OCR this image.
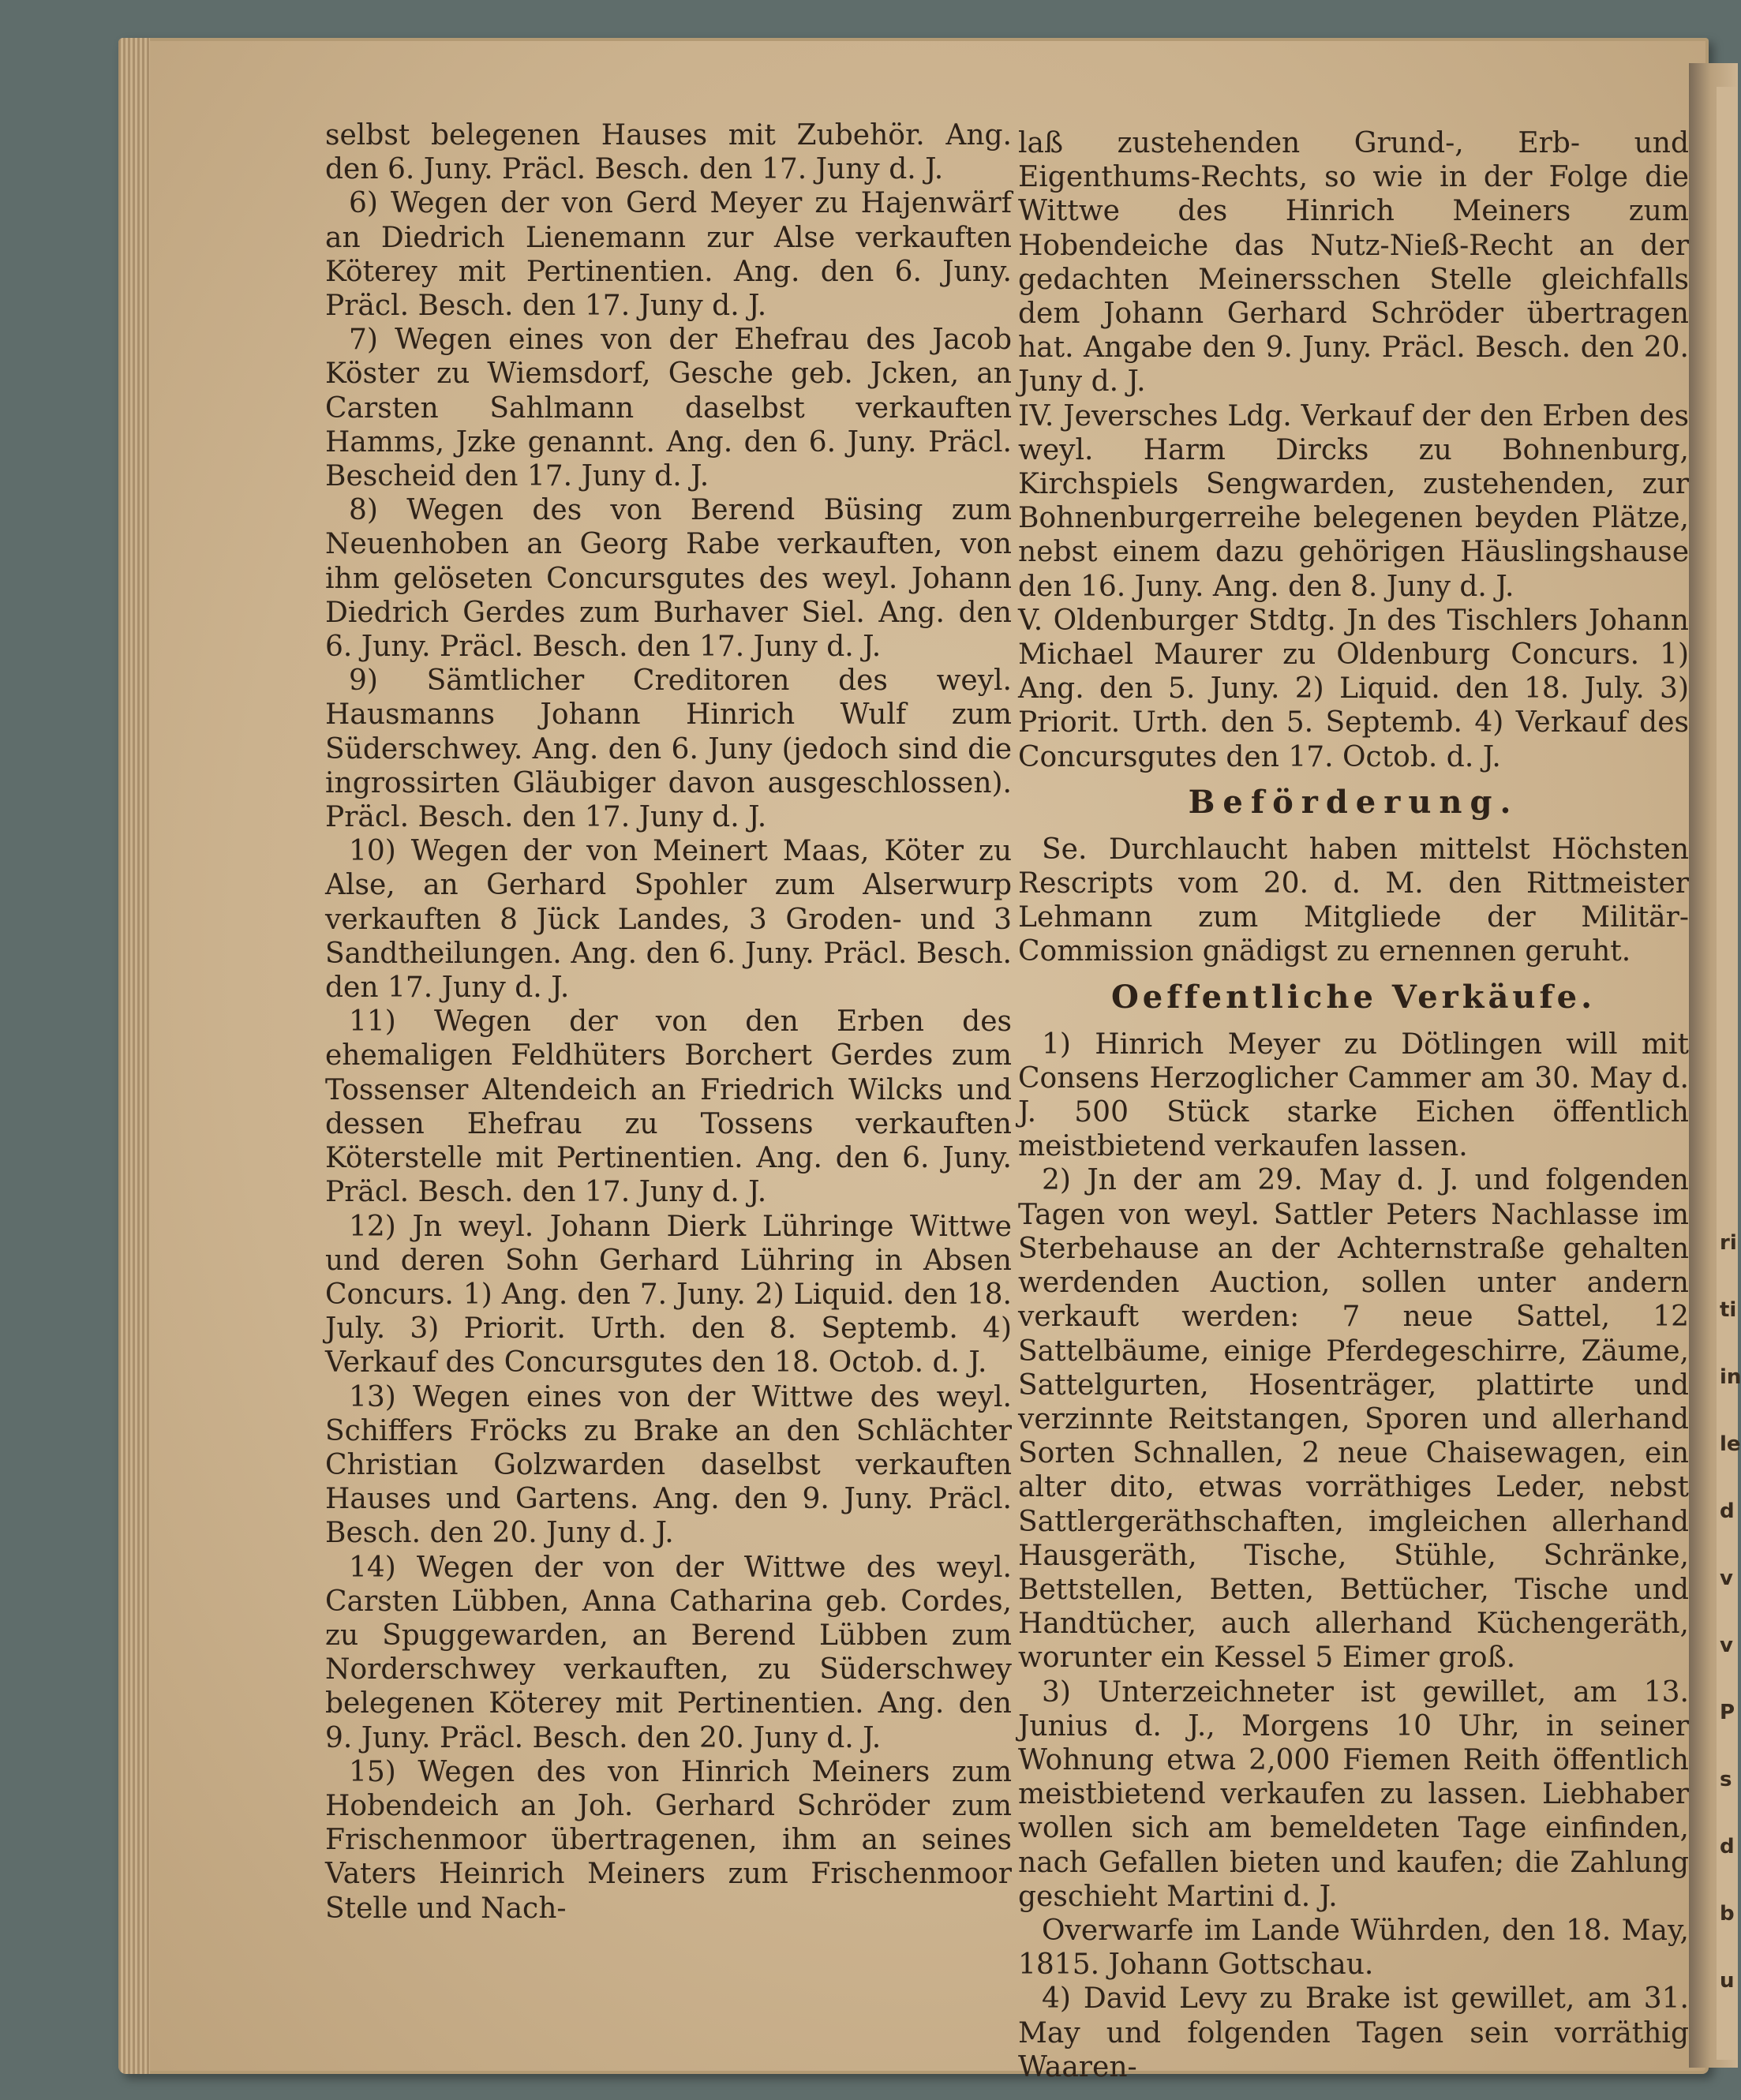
ri
ti
in
le
d
v
v
P
s
d
b
u

selbst belegenen Hauses mit Zubehör. Ang. den 6. Juny. Präcl. Besch. den 17. Juny d. J.

6) Wegen der von Gerd Meyer zu Hajenwärf an Diedrich Lienemann zur Alse verkauften Köterey mit Pertinentien. Ang. den 6. Juny. Präcl. Besch. den 17. Juny d. J.

7) Wegen eines von der Ehefrau des Jacob Köster zu Wiemsdorf, Gesche geb. Jcken, an Carsten Sahlmann daselbst verkauften Hamms, Jzke genannt. Ang. den 6. Juny. Präcl. Bescheid den 17. Juny d. J.

8) Wegen des von Berend Büsing zum Neuenhoben an Georg Rabe verkauften, von ihm gelöseten Concursgutes des weyl. Johann Diedrich Gerdes zum Burhaver Siel. Ang. den 6. Juny. Präcl. Besch. den 17. Juny d. J.

9) Sämtlicher Creditoren des weyl. Hausmanns Johann Hinrich Wulf zum Süderschwey. Ang. den 6. Juny (jedoch sind die ingrossirten Gläubiger davon ausgeschlossen). Präcl. Besch. den 17. Juny d. J.

10) Wegen der von Meinert Maas, Köter zu Alse, an Gerhard Spohler zum Alserwurp verkauften 8 Jück Landes, 3 Groden- und 3 Sandtheilungen. Ang. den 6. Juny. Präcl. Besch. den 17. Juny d. J.

11) Wegen der von den Erben des ehemaligen Feldhüters Borchert Gerdes zum Tossenser Altendeich an Friedrich Wilcks und dessen Ehefrau zu Tossens verkauften Köterstelle mit Pertinentien. Ang. den 6. Juny. Präcl. Besch. den 17. Juny d. J.

12) Jn weyl. Johann Dierk Lühringe Wittwe und deren Sohn Gerhard Lühring in Absen Concurs. 1) Ang. den 7. Juny. 2) Liquid. den 18. July. 3) Priorit. Urth. den 8. Septemb. 4) Verkauf des Concursgutes den 18. Octob. d. J.

13) Wegen eines von der Wittwe des weyl. Schiffers Fröcks zu Brake an den Schlächter Christian Golzwarden daselbst verkauften Hauses und Gartens. Ang. den 9. Juny. Präcl. Besch. den 20. Juny d. J.

14) Wegen der von der Wittwe des weyl. Carsten Lübben, Anna Catharina geb. Cordes, zu Spuggewarden, an Berend Lübben zum Norderschwey verkauften, zu Süderschwey belegenen Köterey mit Pertinentien. Ang. den 9. Juny. Präcl. Besch. den 20. Juny d. J.

15) Wegen des von Hinrich Meiners zum Hobendeich an Joh. Gerhard Schröder zum Frischenmoor übertragenen, ihm an seines Vaters Heinrich Meiners zum Frischenmoor Stelle und Nach-

laß zustehenden Grund-, Erb- und Eigenthums-Rechts, so wie in der Folge die Wittwe des Hinrich Meiners zum Hobendeiche das Nutz-Nieß-Recht an der gedachten Meinersschen Stelle gleichfalls dem Johann Gerhard Schröder übertragen hat. Angabe den 9. Juny. Präcl. Besch. den 20. Juny d. J.

IV. Jeversches Ldg. Verkauf der den Erben des weyl. Harm Dircks zu Bohnenburg, Kirchspiels Sengwarden, zustehenden, zur Bohnenburgerreihe belegenen beyden Plätze, nebst einem dazu gehörigen Häuslingshause den 16. Juny. Ang. den 8. Juny d. J.

V. Oldenburger Stdtg. Jn des Tischlers Johann Michael Maurer zu Oldenburg Concurs. 1) Ang. den 5. Juny. 2) Liquid. den 18. July. 3) Priorit. Urth. den 5. Septemb. 4) Verkauf des Concursgutes den 17. Octob. d. J.

Beförderung.

Se. Durchlaucht haben mittelst Höchsten Rescripts vom 20. d. M. den Rittmeister Lehmann zum Mitgliede der Militär-Commission gnädigst zu ernennen geruht.

Oeffentliche Verkäufe.

1) Hinrich Meyer zu Dötlingen will mit Consens Herzoglicher Cammer am 30. May d. J. 500 Stück starke Eichen öffentlich meistbietend verkaufen lassen.

2) Jn der am 29. May d. J. und folgenden Tagen von weyl. Sattler Peters Nachlasse im Sterbehause an der Achternstraße gehalten werdenden Auction, sollen unter andern verkauft werden: 7 neue Sattel, 12 Sattelbäume, einige Pferdegeschirre, Zäume, Sattelgurten, Hosenträger, plattirte und verzinnte Reitstangen, Sporen und allerhand Sorten Schnallen, 2 neue Chaisewagen, ein alter dito, etwas vorräthiges Leder, nebst Sattlergeräthschaften, imgleichen allerhand Hausgeräth, Tische, Stühle, Schränke, Bettstellen, Betten, Bettücher, Tische und Handtücher, auch allerhand Küchengeräth, worunter ein Kessel 5 Eimer groß.

3) Unterzeichneter ist gewillet, am 13. Junius d. J., Morgens 10 Uhr, in seiner Wohnung etwa 2,000 Fiemen Reith öffentlich meistbietend verkaufen zu lassen. Liebhaber wollen sich am bemeldeten Tage einfinden, nach Gefallen bieten und kaufen; die Zahlung geschieht Martini d. J.

Overwarfe im Lande Wührden, den 18. May, 1815. Johann Gottschau.

4) David Levy zu Brake ist gewillet, am 31. May und folgenden Tagen sein vorräthig Waaren-
